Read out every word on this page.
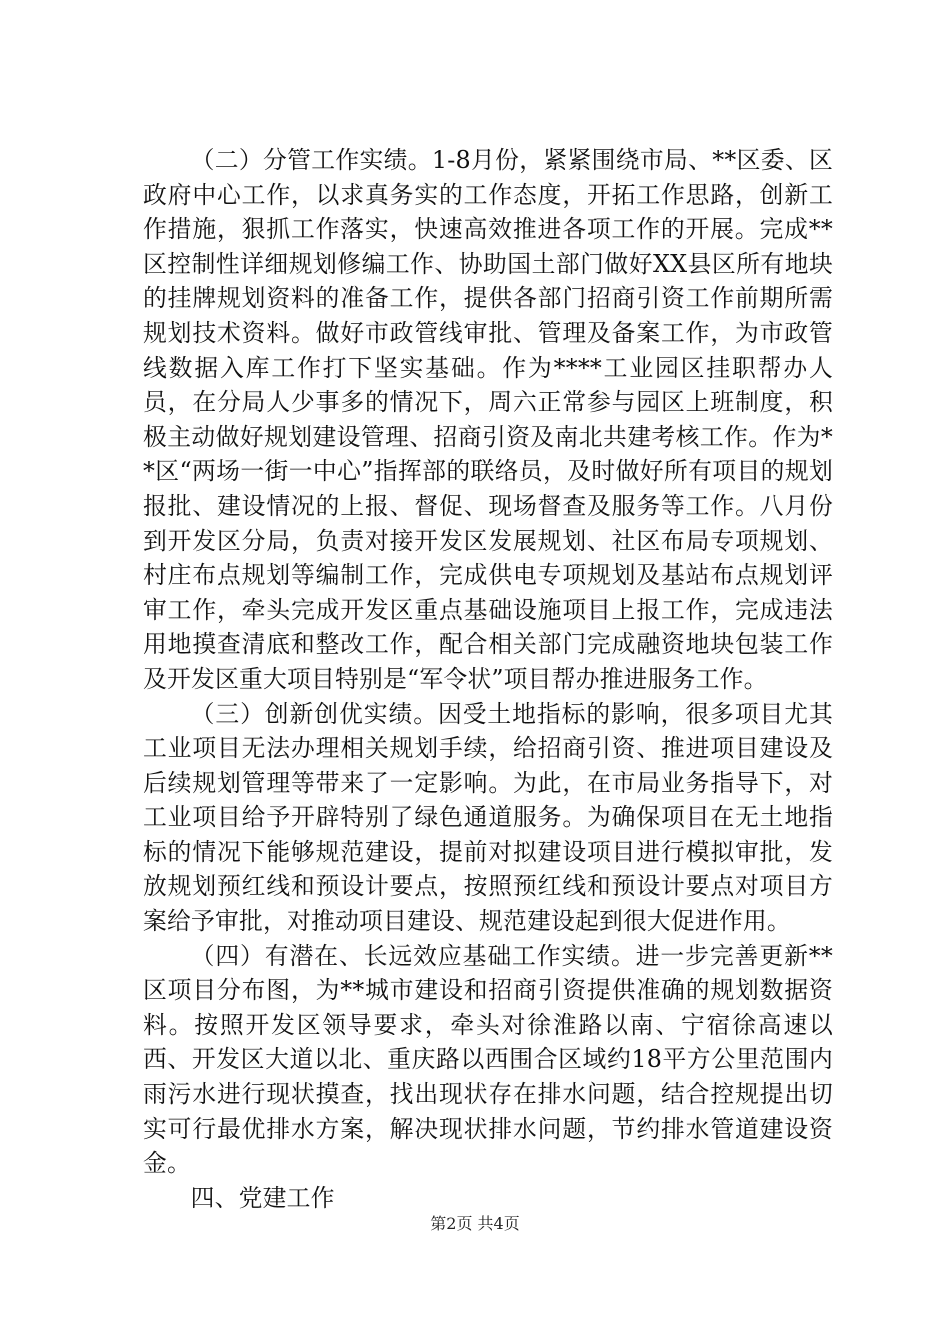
（二）分管工作实绩。1-8月份，紧紧围绕市局、**区委、区政府中心工作，以求真务实的工作态度，开拓工作思路，创新工作措施，狠抓工作落实，快速高效推进各项工作的开展。完成**区控制性详细规划修编工作、协助国土部门做好XX县区所有地块的挂牌规划资料的准备工作，提供各部门招商引资工作前期所需规划技术资料。做好市政管线审批、管理及备案工作，为市政管线数据入库工作打下坚实基础。作为****工业园区挂职帮办人员，在分局人少事多的情况下，周六正常参与园区上班制度，积极主动做好规划建设管理、招商引资及南北共建考核工作。作为**区“两场一街一中心”指挥部的联络员，及时做好所有项目的规划报批、建设情况的上报、督促、现场督查及服务等工作。八月份到开发区分局，负责对接开发区发展规划、社区布局专项规划、村庄布点规划等编制工作，完成供电专项规划及基站布点规划评审工作，牵头完成开发区重点基础设施项目上报工作，完成违法用地摸查清底和整改工作，配合相关部门完成融资地块包装工作及开发区重大项目特别是“军令状”项目帮办推进服务工作。

（三）创新创优实绩。因受土地指标的影响，很多项目尤其工业项目无法办理相关规划手续，给招商引资、推进项目建设及后续规划管理等带来了一定影响。为此，在市局业务指导下，对工业项目给予开辟特别了绿色通道服务。为确保项目在无土地指标的情况下能够规范建设，提前对拟建设项目进行模拟审批，发放规划预红线和预设计要点，按照预红线和预设计要点对项目方案给予审批，对推动项目建设、规范建设起到很大促进作用。

（四）有潜在、长远效应基础工作实绩。进一步完善更新**区项目分布图，为**城市建设和招商引资提供准确的规划数据资料。按照开发区领导要求，牵头对徐淮路以南、宁宿徐高速以西、开发区大道以北、重庆路以西围合区域约18平方公里范围内雨污水进行现状摸查，找出现状存在排水问题，结合控规提出切实可行最优排水方案，解决现状排水问题，节约排水管道建设资金。

四、党建工作

第2页 共4页
